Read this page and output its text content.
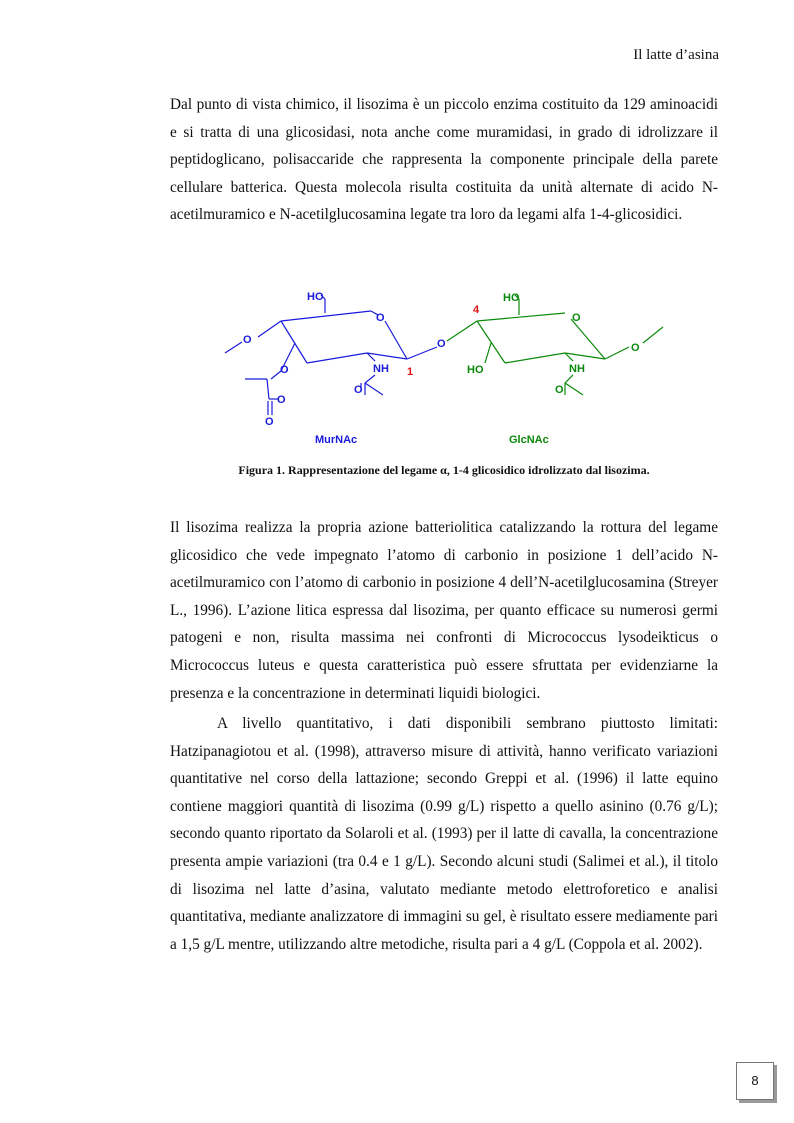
Il latte d’asina

Dal punto di vista chimico, il lisozima è un piccolo enzima costituito da 129 aminoacidi e si tratta di una glicosidasi, nota anche come muramidasi, in grado di idrolizzare il peptidoglicano, polisaccaride che rappresenta la componente principale della parete cellulare batterica. Questa molecola risulta costituita da unità alternate di acido N-acetilmuramico e N-acetilglucosamina legate tra loro da legami alfa 1-4-glicosidici.

HO
O
O
O	NH
O
O
O
MurNAc
O
HO
O
HO	NH
O
O
GlcNAc
1
4

Figura 1. Rappresentazione del legame α, 1-4 glicosidico idrolizzato dal lisozima.

Il lisozima realizza la propria azione batteriolitica catalizzando la rottura del legame glicosidico che vede impegnato l’atomo di carbonio in posizione 1 dell’acido N-acetilmuramico con l’atomo di carbonio in posizione 4 dell’N-acetilglucosamina (Streyer L., 1996). L’azione litica espressa dal lisozima, per quanto efficace su numerosi germi patogeni e non, risulta massima nei confronti di Micrococcus lysodeikticus o Micrococcus luteus e questa caratteristica può essere sfruttata per evidenziarne la presenza e la concentrazione in determinati liquidi biologici.

A livello quantitativo, i dati disponibili sembrano piuttosto limitati: Hatzipanagiotou et al. (1998), attraverso misure di attività, hanno verificato variazioni quantitative nel corso della lattazione; secondo Greppi et al. (1996) il latte equino contiene maggiori quantità di lisozima (0.99 g/L) rispetto a quello asinino (0.76 g/L); secondo quanto riportato da Solaroli et al. (1993) per il latte di cavalla, la concentrazione presenta ampie variazioni (tra 0.4 e 1 g/L). Secondo alcuni studi (Salimei et al.), il titolo di lisozima nel latte d’asina, valutato mediante metodo elettroforetico e analisi quantitativa, mediante analizzatore di immagini su gel, è risultato essere mediamente pari a 1,5 g/L mentre, utilizzando altre metodiche, risulta pari a 4 g/L (Coppola et al. 2002).

8
